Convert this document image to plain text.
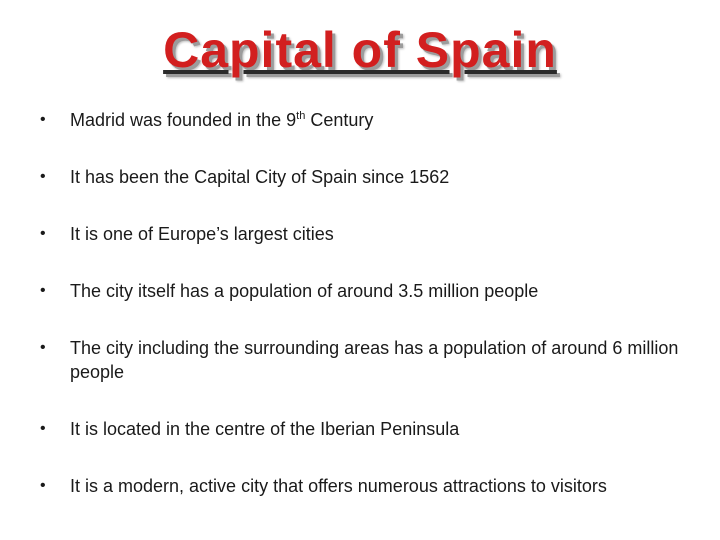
Capital of Spain
•	Madrid was founded in the 9th Century
•	It has been the Capital City of Spain since 1562
•	It is one of Europe’s largest cities
•	The city itself has a population of around 3.5 million people
•	The city including the surrounding areas has a population of around 6 million people
•	It is located in the centre of the Iberian Peninsula
•	It is a modern, active city that offers numerous attractions to visitors
